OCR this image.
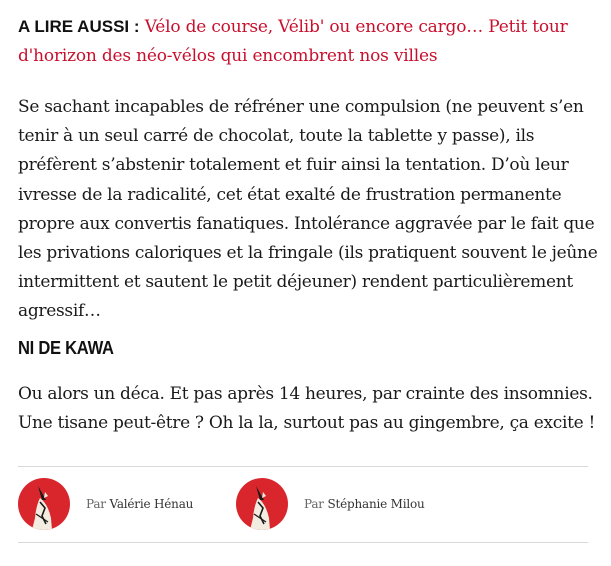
A LIRE AUSSI : Vélo de course, Vélib' ou encore cargo… Petit tour d'horizon des néo-vélos qui encombrent nos villes

Se sachant incapables de réfréner une compulsion (ne peuvent s’en tenir à un seul carré de chocolat, toute la tablette y passe), ils préfèrent s’abstenir totalement et fuir ainsi la tentation. D’où leur ivresse de la radicalité, cet état exalté de frustration permanente propre aux convertis fanatiques. Intolérance aggravée par le fait que les privations caloriques et la fringale (ils pratiquent souvent le jeûne intermittent et sautent le petit déjeuner) rendent particulièrement agressif…

NI DE KAWA

Ou alors un déca. Et pas après 14 heures, par crainte des insomnies. Une tisane peut-être ? Oh la la, surtout pas au gingembre, ça excite !

Par Valérie Hénau	Par Stéphanie Milou
